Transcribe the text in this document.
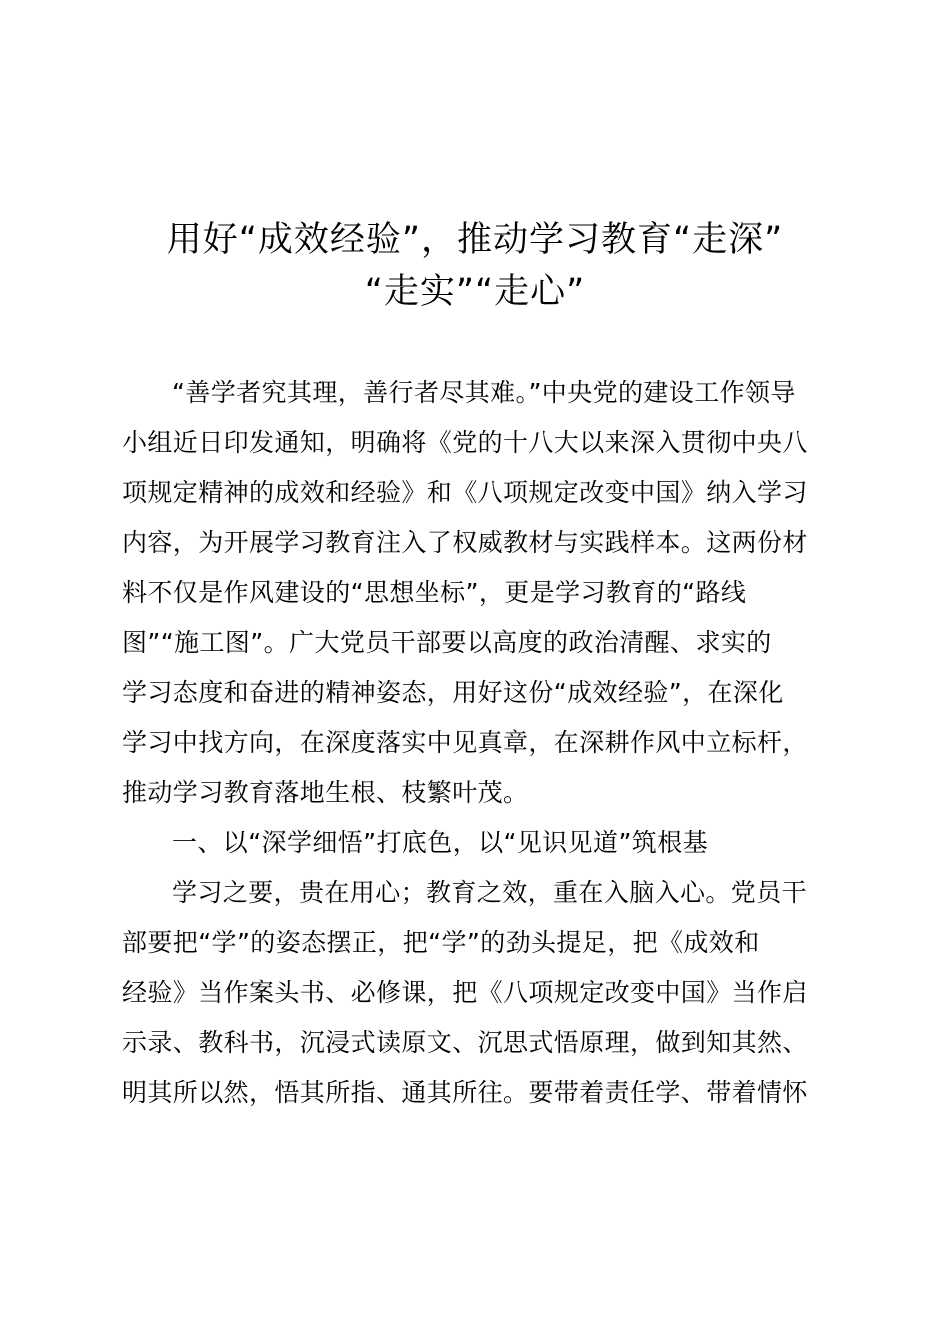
用好“成效经验”，推动学习教育“走深”
“走实”“走心”
“善学者究其理，善行者尽其难。”中央党的建设工作领导
小组近日印发通知，明确将《党的十八大以来深入贯彻中央八
项规定精神的成效和经验》和《八项规定改变中国》纳入学习
内容，为开展学习教育注入了权威教材与实践样本。这两份材
料不仅是作风建设的“思想坐标”，更是学习教育的“路线
图”“施工图”。广大党员干部要以高度的政治清醒、求实的
学习态度和奋进的精神姿态，用好这份“成效经验”，在深化
学习中找方向，在深度落实中见真章，在深耕作风中立标杆，
推动学习教育落地生根、枝繁叶茂。
一、以“深学细悟”打底色，以“见识见道”筑根基
学习之要，贵在用心；教育之效，重在入脑入心。党员干
部要把“学”的姿态摆正，把“学”的劲头提足，把《成效和
经验》当作案头书、必修课，把《八项规定改变中国》当作启
示录、教科书，沉浸式读原文、沉思式悟原理，做到知其然、
明其所以然，悟其所指、通其所往。要带着责任学、带着情怀
